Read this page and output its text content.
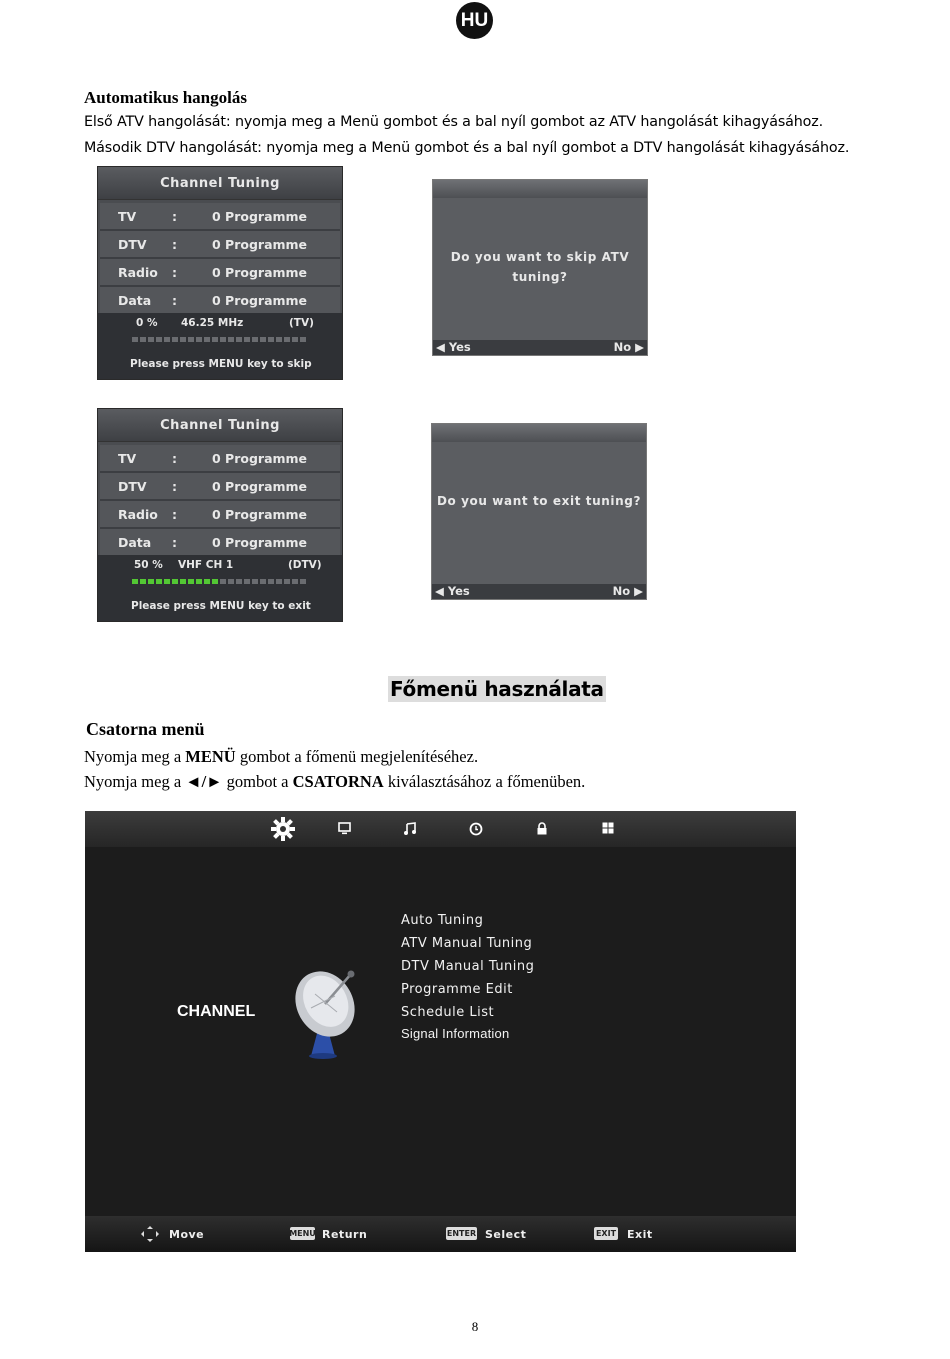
HU
Automatikus hangolás
Első ATV hangolását: nyomja meg a Menü gombot és a bal nyíl gombot az ATV hangolását kihagyásához.
Második DTV hangolását: nyomja meg a Menü gombot és a bal nyíl gombot a DTV hangolását kihagyásához.
Channel Tuning
TV	:	0 Programme
DTV :	0 Programme
Radio :	0 Programme
Data :	0 Programme
0 % 46.25 MHz	(TV)
Please press MENU key to skip
Do you want to skip ATV
tuning?
◀ Yes	No ▶
Channel Tuning
TV	:	0 Programme
DTV :	0 Programme
Radio :	0 Programme
Data :	0 Programme
50 % VHF CH 1	(DTV)
Please press MENU key to exit
Do you want to exit tuning?
◀ Yes	No ▶
Főmenü használata
Csatorna menü
Nyomja meg a MENÜ gombot a főmenü megjelenítéséhez.
Nyomja meg a ◄/► gombot a CSATORNA kiválasztásához a főmenüben.
CHANNEL
Auto Tuning
ATV Manual Tuning
DTV Manual Tuning
Programme Edit
Schedule List
Signal Information
Move	MENU Return	ENTER Select	EXIT Exit
8
